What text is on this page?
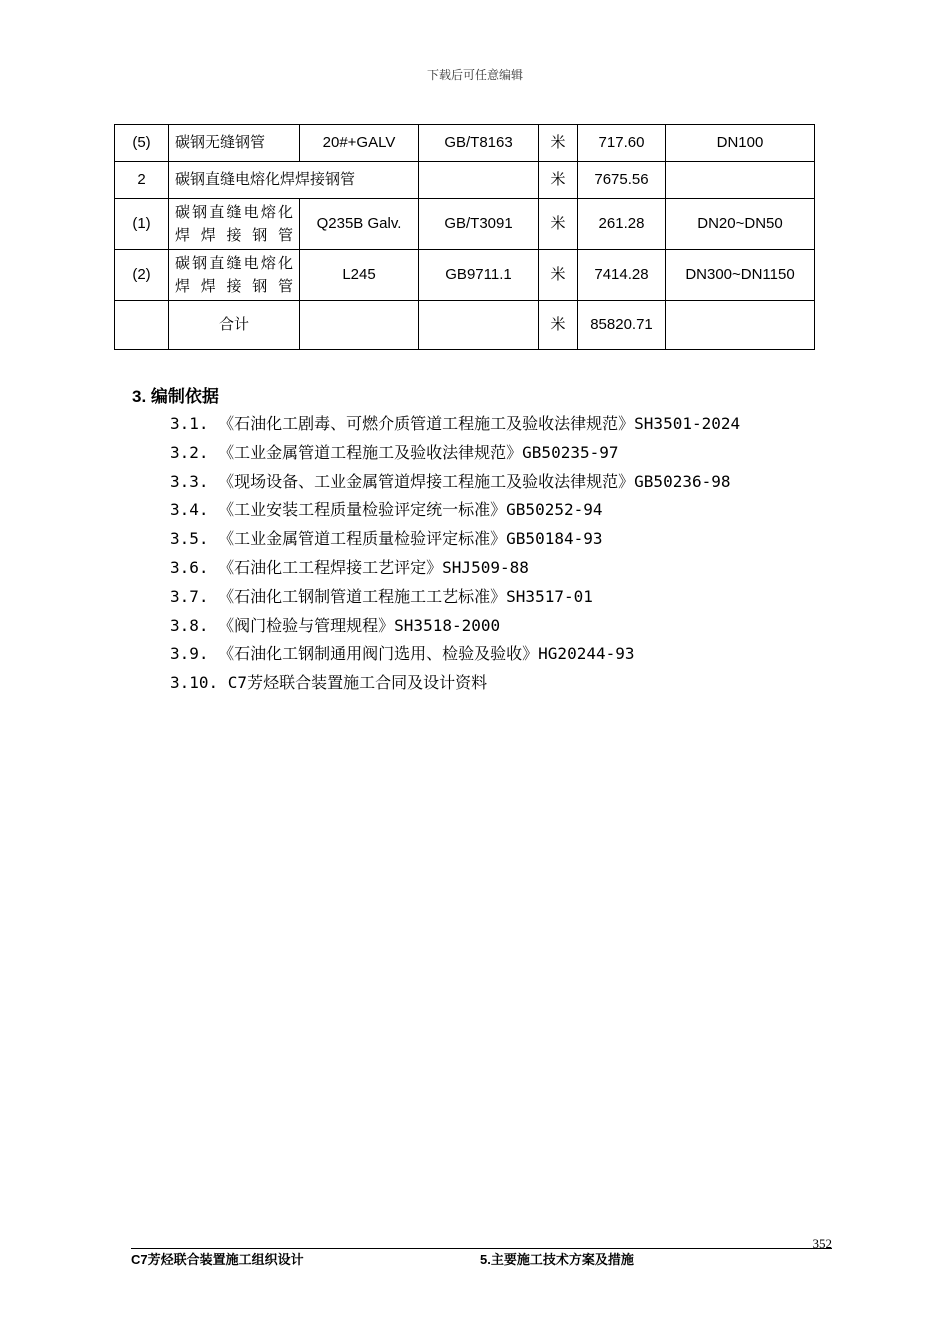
下载后可任意编辑
(5)	碳钢无缝钢管	20#+GALV	GB/T8163	米	717.60	DN100
2	碳钢直缝电熔化焊焊接钢管			米	7675.56	
(1)	碳钢直缝电熔化焊焊接钢管	Q235B Galv.	GB/T3091	米	261.28	DN20~DN50
(2)	碳钢直缝电熔化焊焊接钢管	L245	GB9711.1	米	7414.28	DN300~DN1150
	合计			米	85820.71	
3. 编制依据
3.1. 《石油化工剧毒、可燃介质管道工程施工及验收法律规范》SH3501-2024
3.2. 《工业金属管道工程施工及验收法律规范》GB50235-97
3.3. 《现场设备、工业金属管道焊接工程施工及验收法律规范》GB50236-98
3.4. 《工业安装工程质量检验评定统一标准》GB50252-94
3.5. 《工业金属管道工程质量检验评定标准》GB50184-93
3.6. 《石油化工工程焊接工艺评定》SHJ509-88
3.7. 《石油化工钢制管道工程施工工艺标准》SH3517-01
3.8. 《阀门检验与管理规程》SH3518-2000
3.9. 《石油化工钢制通用阀门选用、检验及验收》HG20244-93
3.10. C7芳烃联合装置施工合同及设计资料
352
C7芳烃联合装置施工组织设计	5.主要施工技术方案及措施
